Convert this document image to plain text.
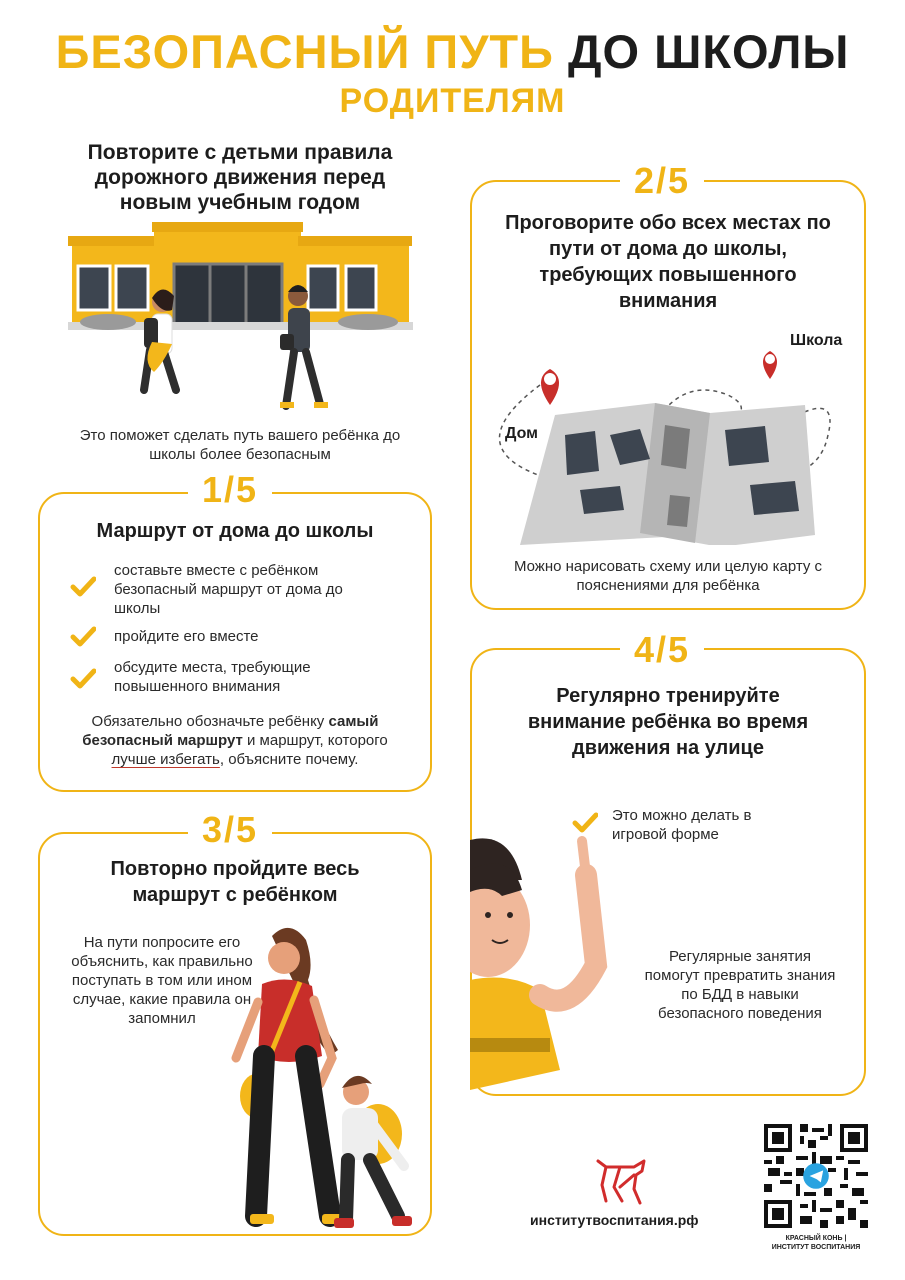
БЕЗОПАСНЫЙ ПУТЬ ДО ШКОЛЫ
РОДИТЕЛЯМ
Повторите с детьми правила дорожного движения перед новым учебным годом
Это поможет сделать путь вашего ребёнка до школы более безопасным
1/5
Маршрут от дома до школы
составьте вместе с ребёнком безопасный маршрут от дома до школы
пройдите его вместе
обсудите места, требующие повышенного внимания
Обязательно обозначьте ребёнку самый безопасный маршрут и маршрут, которого лучше избегать, объясните почему.
3/5
Повторно пройдите весь маршрут с ребёнком
На пути попросите его объяснить, как правильно поступать в том или ином случае, какие правила он запомнил
2/5
Проговорите обо всех местах по пути от дома до школы, требующих повышенного внимания
Школа
Дом
Можно нарисовать схему или целую карту с пояснениями для ребёнка
4/5
Регулярно тренируйте внимание ребёнка во время движения на улице
Это можно делать в игровой форме
Регулярные занятия помогут превратить знания по БДД в навыки безопасного поведения
институтвоспитания.рф
КРАСНЫЙ КОНЬ |
ИНСТИТУТ ВОСПИТАНИЯ
